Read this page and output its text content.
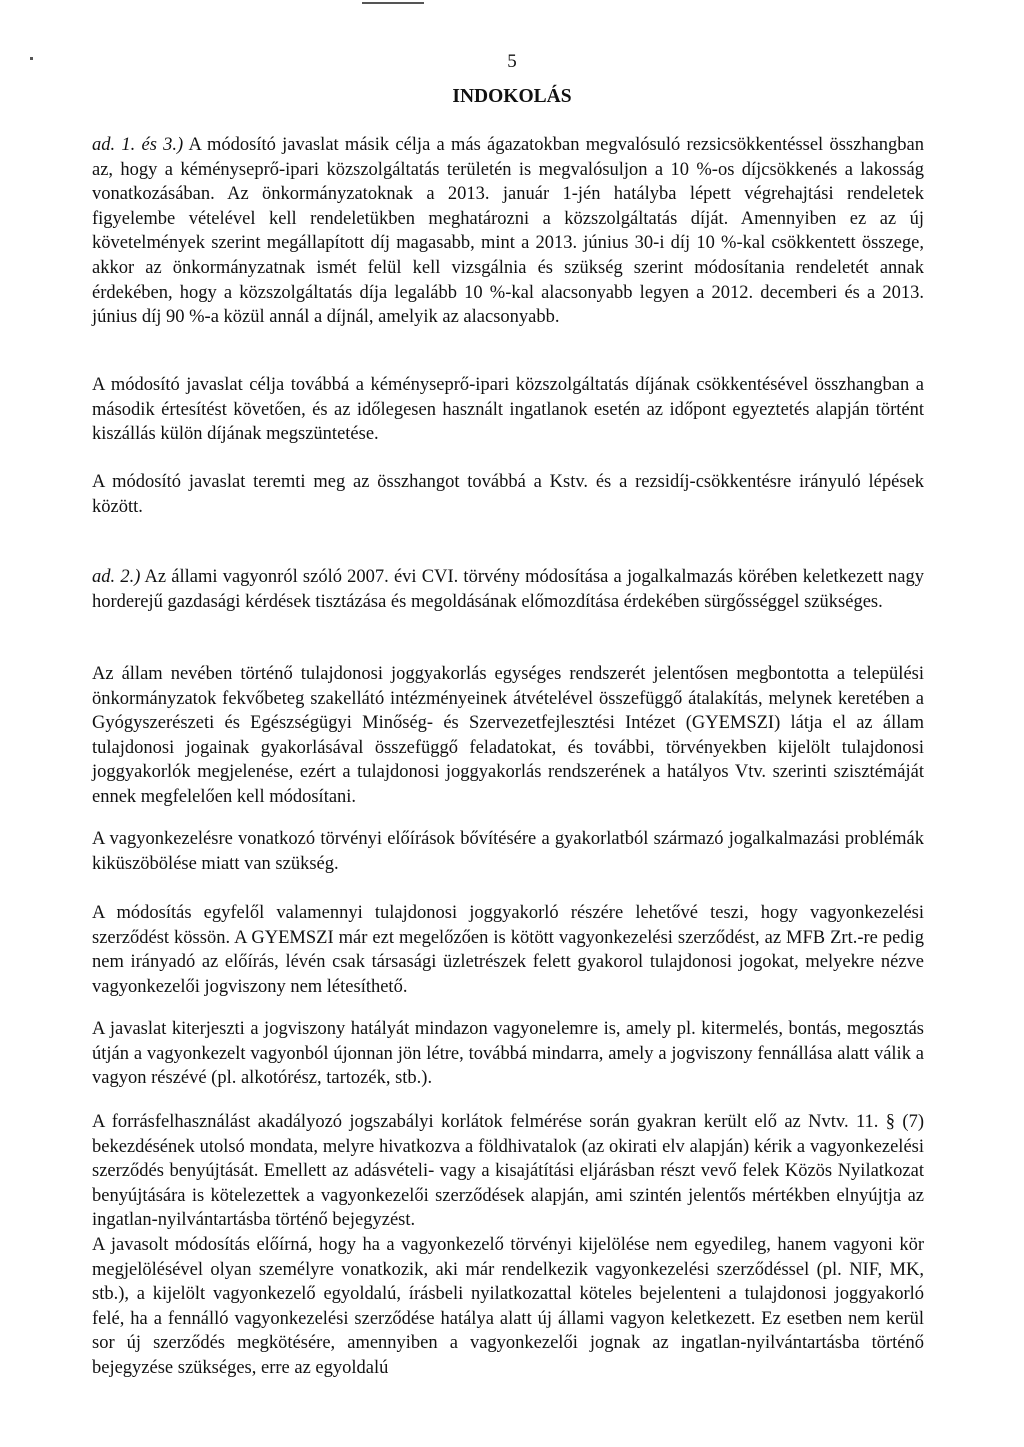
5
INDOKOLÁS

ad. 1. és 3.) A módosító javaslat másik célja a más ágazatokban megvalósuló rezsicsökkentéssel összhangban az, hogy a kéményseprő-ipari közszolgáltatás területén is megvalósuljon a 10 %-os díjcsökkenés a lakosság vonatkozásában. Az önkormányzatoknak a 2013. január 1-jén hatályba lépett végrehajtási rendeletek figyelembe vételével kell rendeletükben meghatározni a közszolgáltatás díját. Amennyiben ez az új követelmények szerint megállapított díj magasabb, mint a 2013. június 30-i díj 10 %-kal csökkentett összege, akkor az önkormányzatnak ismét felül kell vizsgálnia és szükség szerint módosítania rendeletét annak érdekében, hogy a közszolgáltatás díja legalább 10 %-kal alacsonyabb legyen a 2012. decemberi és a 2013. június díj 90 %-a közül annál a díjnál, amelyik az alacsonyabb.

A módosító javaslat célja továbbá a kéményseprő-ipari közszolgáltatás díjának csökkentésével összhangban a második értesítést követően, és az időlegesen használt ingatlanok esetén az időpont egyeztetés alapján történt kiszállás külön díjának megszüntetése.

A módosító javaslat teremti meg az összhangot továbbá a Kstv. és a rezsidíj-csökkentésre irányuló lépések között.

ad. 2.) Az állami vagyonról szóló 2007. évi CVI. törvény módosítása a jogalkalmazás körében keletkezett nagy horderejű gazdasági kérdések tisztázása és megoldásának előmozdítása érdekében sürgősséggel szükséges.

Az állam nevében történő tulajdonosi joggyakorlás egységes rendszerét jelentősen megbontotta a települési önkormányzatok fekvőbeteg szakellátó intézményeinek átvételével összefüggő átalakítás, melynek keretében a Gyógyszerészeti és Egészségügyi Minőség- és Szervezetfejlesztési Intézet (GYEMSZI) látja el az állam tulajdonosi jogainak gyakorlásával összefüggő feladatokat, és további, törvényekben kijelölt tulajdonosi joggyakorlók megjelenése, ezért a tulajdonosi joggyakorlás rendszerének a hatályos Vtv. szerinti szisztémáját ennek megfelelően kell módosítani.

A vagyonkezelésre vonatkozó törvényi előírások bővítésére a gyakorlatból származó jogalkalmazási problémák kiküszöbölése miatt van szükség.

A módosítás egyfelől valamennyi tulajdonosi joggyakorló részére lehetővé teszi, hogy vagyonkezelési szerződést kössön. A GYEMSZI már ezt megelőzően is kötött vagyonkezelési szerződést, az MFB Zrt.-re pedig nem irányadó az előírás, lévén csak társasági üzletrészek felett gyakorol tulajdonosi jogokat, melyekre nézve vagyonkezelői jogviszony nem létesíthető.

A javaslat kiterjeszti a jogviszony hatályát mindazon vagyonelemre is, amely pl. kitermelés, bontás, megosztás útján a vagyonkezelt vagyonból újonnan jön létre, továbbá mindarra, amely a jogviszony fennállása alatt válik a vagyon részévé (pl. alkotórész, tartozék, stb.).

A forrásfelhasználást akadályozó jogszabályi korlátok felmérése során gyakran került elő az Nvtv. 11. § (7) bekezdésének utolsó mondata, melyre hivatkozva a földhivatalok (az okirati elv alapján) kérik a vagyonkezelési szerződés benyújtását. Emellett az adásvételi- vagy a kisajátítási eljárásban részt vevő felek Közös Nyilatkozat benyújtására is kötelezettek a vagyonkezelői szerződések alapján, ami szintén jelentős mértékben elnyújtja az ingatlan-nyilvántartásba történő bejegyzést.

A javasolt módosítás előírná, hogy ha a vagyonkezelő törvényi kijelölése nem egyedileg, hanem vagyoni kör megjelölésével olyan személyre vonatkozik, aki már rendelkezik vagyonkezelési szerződéssel (pl. NIF, MK, stb.), a kijelölt vagyonkezelő egyoldalú, írásbeli nyilatkozattal köteles bejelenteni a tulajdonosi joggyakorló felé, ha a fennálló vagyonkezelési szerződése hatálya alatt új állami vagyon keletkezett. Ez esetben nem kerül sor új szerződés megkötésére, amennyiben a vagyonkezelői jognak az ingatlan-nyilvántartásba történő bejegyzése szükséges, erre az egyoldalú
